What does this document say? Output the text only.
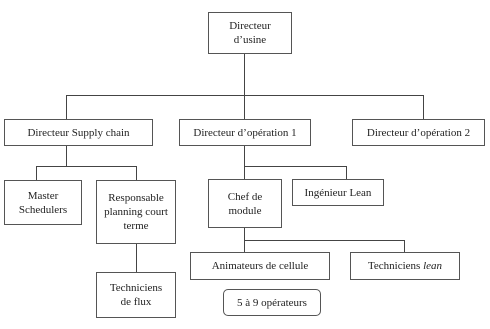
Directeur
d’usine
Directeur Supply chain	Directeur d’opération 1	Directeur d’opération 2
Master
Schedulers
Responsable
planning court
terme
Chef de
module
Ingénieur Lean
Techniciens
de flux
Animateurs de cellule	Techniciens lean
5 à 9 opérateurs
